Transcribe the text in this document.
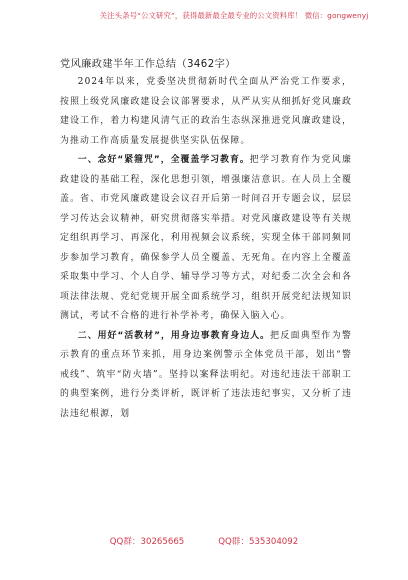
关注头条号“公文研究”，获得最新最全最专业的公文资料库！ 微信：gongwenyj
党风廉政建半年工作总结（3462字）

2024年以来，党委坚决贯彻新时代全面从严治党工作要求，按照上级党风廉政建设会议部署要求，从严从实从细抓好党风廉政建设工作，着力构建风清气正的政治生态纵深推进党风廉政建设，为推动工作高质量发展提供坚实队伍保障。

一、念好“紧箍咒”，全覆盖学习教育。把学习教育作为党风廉政建设的基础工程，深化思想引领，增强廉洁意识。在人员上全覆盖。省、市党风廉政建设会议召开后第一时间召开专题会议，层层学习传达会议精神，研究贯彻落实举措。对党风廉政建设等有关规定组织再学习、再深化，利用视频会议系统，实现全体干部同频同步参加学习教育，确保参学人员全覆盖、无死角。在内容上全覆盖采取集中学习、个人自学、辅导学习等方式，对纪委二次全会和各项法律法规、党纪党规开展全面系统学习，组织开展党纪法规知识测试，考试不合格的进行补学补考，确保入脑入心。

二、用好“活教材”，用身边事教育身边人。把反面典型作为警示教育的重点环节来抓，用身边案例警示全体党员干部，划出“警戒线”、筑牢“防火墙”。坚持以案释法明纪。对违纪违法干部职工的典型案例，进行分类评析，既评析了违法违纪事实，又分析了违法违纪根源，划

QQ群：30265665	QQ群：535304092
